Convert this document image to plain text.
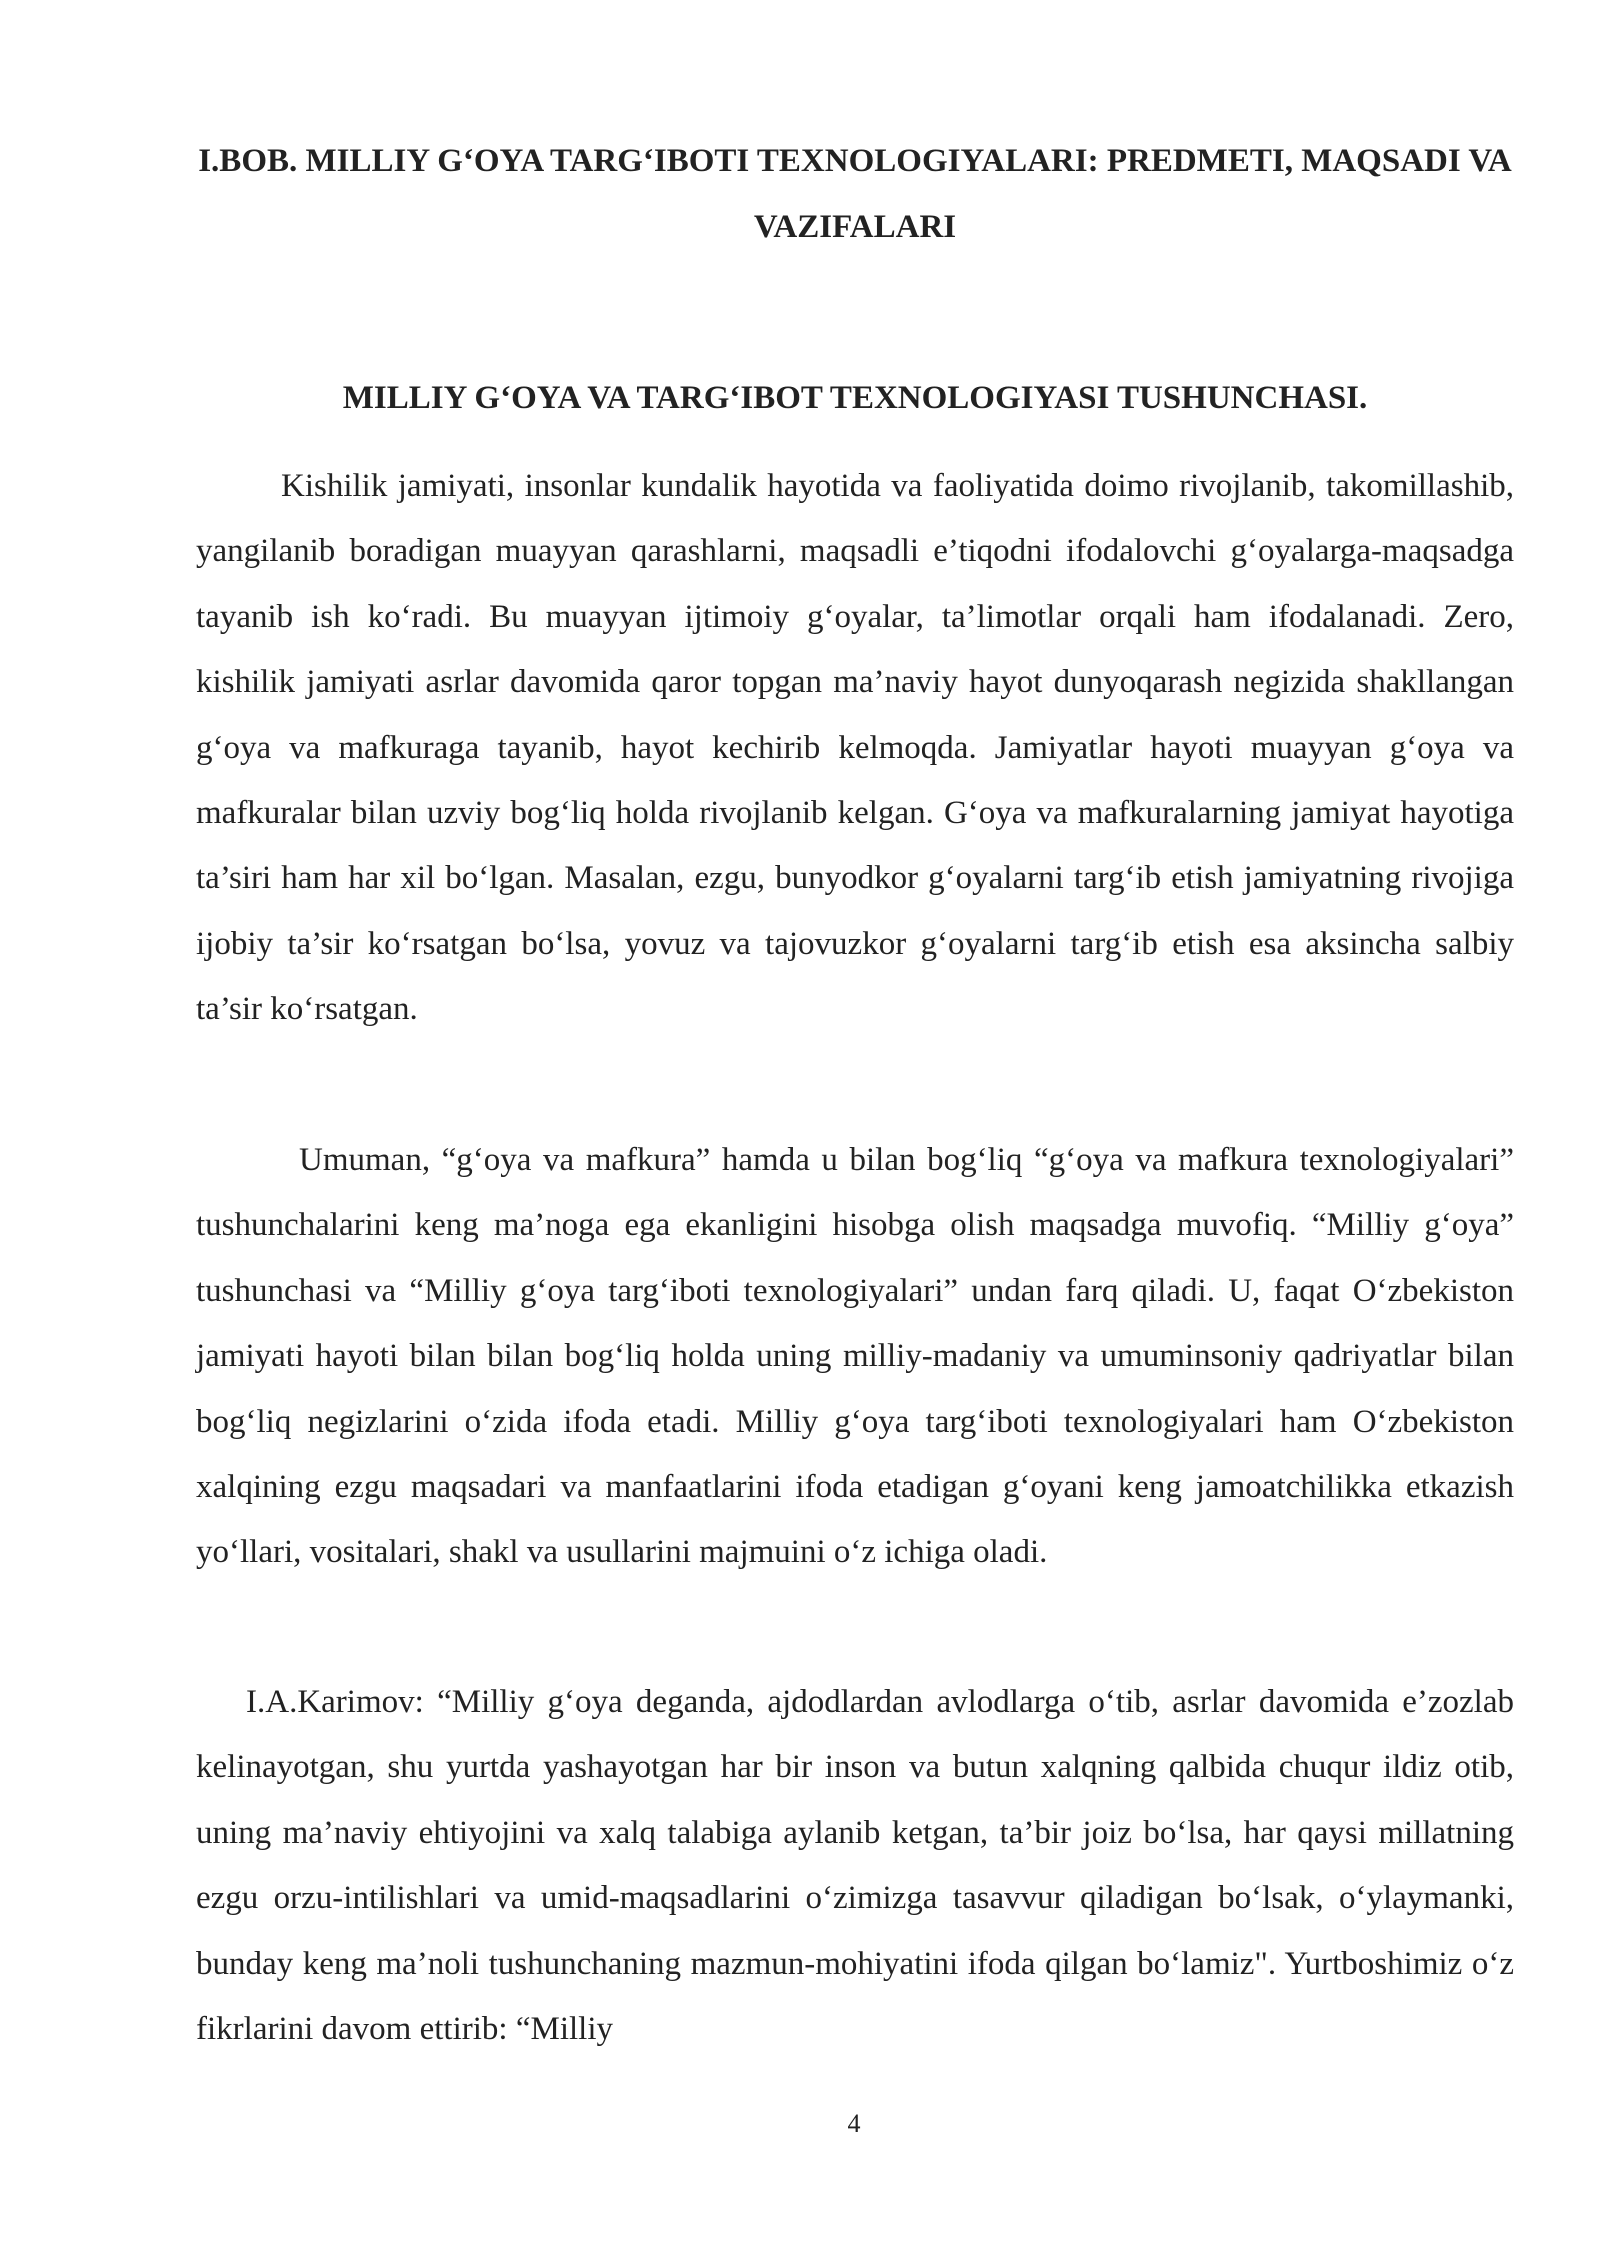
I.BOB. MILLIY G‘OYA TARG‘IBOTI TEXNOLOGIYALARI: PREDMETI, MAQSADI VA VAZIFALARI
MILLIY G‘OYA VA TARG‘IBOT TEXNOLOGIYASI TUSHUNCHASI.

Kishilik jamiyati, insonlar kundalik hayotida va faoliyatida doimo rivojlanib, takomillashib, yangilanib boradigan muayyan qarashlarni, maqsadli e’tiqodni ifodalovchi g‘oyalarga-maqsadga tayanib ish ko‘radi. Bu muayyan ijtimoiy g‘oyalar, ta’limotlar orqali ham ifodalanadi. Zero, kishilik jamiyati asrlar davomida qaror topgan ma’naviy hayot dunyoqarash negizida shakllangan g‘oya va mafkuraga tayanib, hayot kechirib kelmoqda. Jamiyatlar hayoti muayyan g‘oya va mafkuralar bilan uzviy bog‘liq holda rivojlanib kelgan. G‘oya va mafkuralarning jamiyat hayotiga ta’siri ham har xil bo‘lgan. Masalan, ezgu, bunyodkor g‘oyalarni targ‘ib etish jamiyatning rivojiga ijobiy ta’sir ko‘rsatgan bo‘lsa, yovuz va tajovuzkor g‘oyalarni targ‘ib etish esa aksincha salbiy ta’sir ko‘rsatgan.

Umuman, “g‘oya va mafkura” hamda u bilan bog‘liq “g‘oya va mafkura texnologiyalari” tushunchalarini keng ma’noga ega ekanligini hisobga olish maqsadga muvofiq. “Milliy g‘oya” tushunchasi va “Milliy g‘oya targ‘iboti texnologiyalari” undan farq qiladi. U, faqat O‘zbekiston jamiyati hayoti bilan bilan bog‘liq holda uning milliy-madaniy va umuminsoniy qadriyatlar bilan bog‘liq negizlarini o‘zida ifoda etadi. Milliy g‘oya targ‘iboti texnologiyalari ham O‘zbekiston xalqining ezgu maqsadari va manfaatlarini ifoda etadigan g‘oyani keng jamoatchilikka etkazish yo‘llari, vositalari, shakl va usullarini majmuini o‘z ichiga oladi.

I.A.Karimov: “Milliy g‘oya deganda, ajdodlardan avlodlarga o‘tib, asrlar davomida e’zozlab kelinayotgan, shu yurtda yashayotgan har bir inson va butun xalqning qalbida chuqur ildiz otib, uning ma’naviy ehtiyojini va xalq talabiga aylanib ketgan, ta’bir joiz bo‘lsa, har qaysi millatning ezgu orzu-intilishlari va umid-maqsadlarini o‘zimizga tasavvur qiladigan bo‘lsak, o‘ylaymanki, bunday keng ma’noli tushunchaning mazmun-mohiyatini ifoda qilgan bo‘lamiz". Yurtboshimiz o‘z fikrlarini davom ettirib: “Milliy

4
